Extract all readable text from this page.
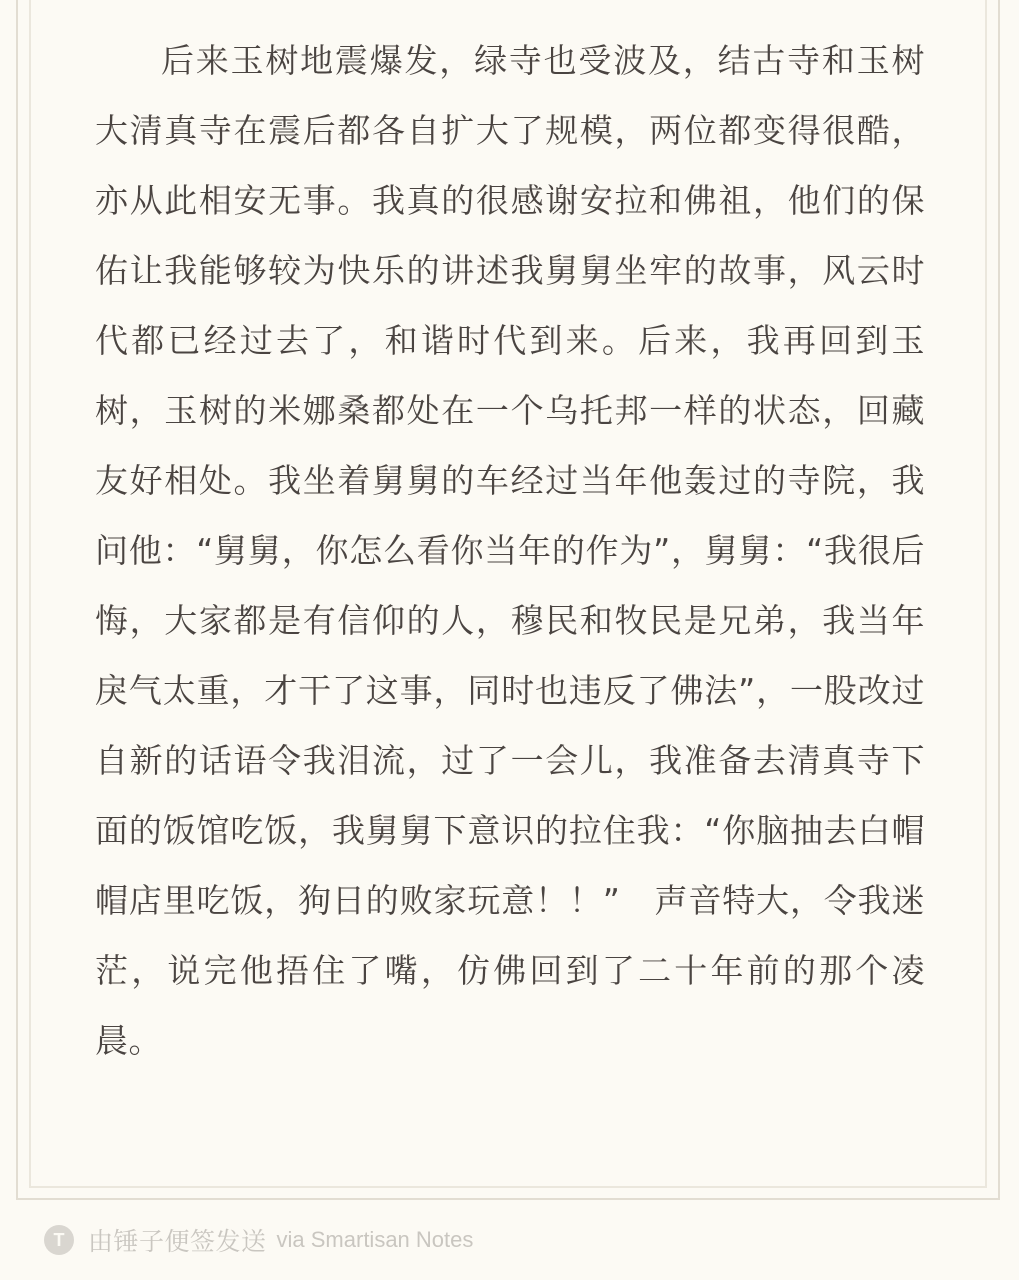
后来玉树地震爆发，绿寺也受波及，结古寺和玉树大清真寺在震后都各自扩大了规模，两位都变得很酷，亦从此相安无事。我真的很感谢安拉和佛祖，他们的保佑让我能够较为快乐的讲述我舅舅坐牢的故事，风云时代都已经过去了，和谐时代到来。后来，我再回到玉树，玉树的米娜桑都处在一个乌托邦一样的状态，回藏友好相处。我坐着舅舅的车经过当年他轰过的寺院，我问他：“舅舅，你怎么看你当年的作为”，舅舅：“我很后悔，大家都是有信仰的人，穆民和牧民是兄弟，我当年戾气太重，才干了这事，同时也违反了佛法”，一股改过自新的话语令我泪流，过了一会儿，我准备去清真寺下面的饭馆吃饭，我舅舅下意识的拉住我：“你脑抽去白帽帽店里吃饭，狗日的败家玩意！！”　声音特大，令我迷茫，说完他捂住了嘴，仿佛回到了二十年前的那个凌晨。

T 由锤子便签发送 via Smartisan Notes
